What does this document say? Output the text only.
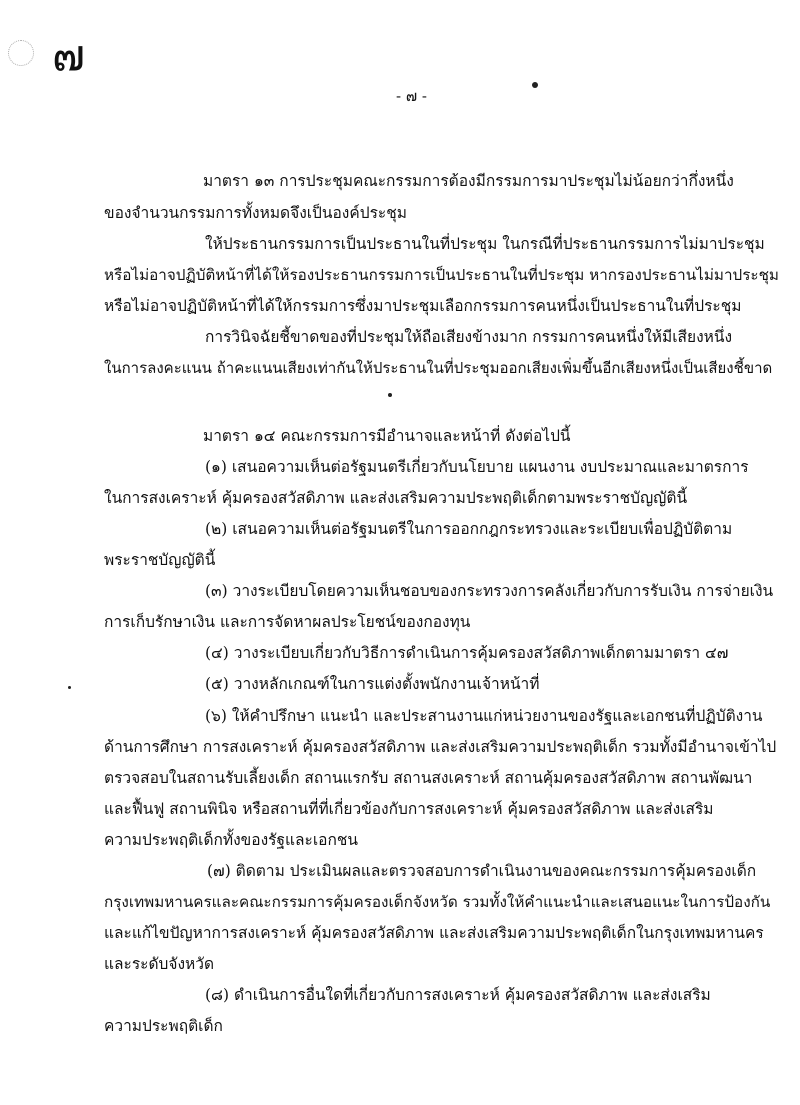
๗
- ๗ -
มาตรา ๑๓ การประชุมคณะกรรมการต้องมีกรรมการมาประชุมไม่น้อยกว่ากึ่งหนึ่ง
ของจำนวนกรรมการทั้งหมดจึงเป็นองค์ประชุม
ให้ประธานกรรมการเป็นประธานในที่ประชุม ในกรณีที่ประธานกรรมการไม่มาประชุม
หรือไม่อาจปฏิบัติหน้าที่ได้ให้รองประธานกรรมการเป็นประธานในที่ประชุม หากรองประธานไม่มาประชุม
หรือไม่อาจปฏิบัติหน้าที่ได้ให้กรรมการซึ่งมาประชุมเลือกกรรมการคนหนึ่งเป็นประธานในที่ประชุม
การวินิจฉัยชี้ขาดของที่ประชุมให้ถือเสียงข้างมาก กรรมการคนหนึ่งให้มีเสียงหนึ่ง
ในการลงคะแนน ถ้าคะแนนเสียงเท่ากันให้ประธานในที่ประชุมออกเสียงเพิ่มขึ้นอีกเสียงหนึ่งเป็นเสียงชี้ขาด
มาตรา ๑๔ คณะกรรมการมีอำนาจและหน้าที่ ดังต่อไปนี้
(๑) เสนอความเห็นต่อรัฐมนตรีเกี่ยวกับนโยบาย แผนงาน งบประมาณและมาตรการ
ในการสงเคราะห์ คุ้มครองสวัสดิภาพ และส่งเสริมความประพฤติเด็กตามพระราชบัญญัตินี้
(๒) เสนอความเห็นต่อรัฐมนตรีในการออกกฎกระทรวงและระเบียบเพื่อปฏิบัติตาม
พระราชบัญญัตินี้
(๓) วางระเบียบโดยความเห็นชอบของกระทรวงการคลังเกี่ยวกับการรับเงิน การจ่ายเงิน
การเก็บรักษาเงิน และการจัดหาผลประโยชน์ของกองทุน
(๔) วางระเบียบเกี่ยวกับวิธีการดำเนินการคุ้มครองสวัสดิภาพเด็กตามมาตรา ๔๗
(๕) วางหลักเกณฑ์ในการแต่งตั้งพนักงานเจ้าหน้าที่
(๖) ให้คำปรึกษา แนะนำ และประสานงานแก่หน่วยงานของรัฐและเอกชนที่ปฏิบัติงาน
ด้านการศึกษา การสงเคราะห์ คุ้มครองสวัสดิภาพ และส่งเสริมความประพฤติเด็ก รวมทั้งมีอำนาจเข้าไป
ตรวจสอบในสถานรับเลี้ยงเด็ก สถานแรกรับ สถานสงเคราะห์ สถานคุ้มครองสวัสดิภาพ สถานพัฒนา
และฟื้นฟู สถานพินิจ หรือสถานที่ที่เกี่ยวข้องกับการสงเคราะห์ คุ้มครองสวัสดิภาพ และส่งเสริม
ความประพฤติเด็กทั้งของรัฐและเอกชน
(๗) ติดตาม ประเมินผลและตรวจสอบการดำเนินงานของคณะกรรมการคุ้มครองเด็ก
กรุงเทพมหานครและคณะกรรมการคุ้มครองเด็กจังหวัด รวมทั้งให้คำแนะนำและเสนอแนะในการป้องกัน
และแก้ไขปัญหาการสงเคราะห์ คุ้มครองสวัสดิภาพ และส่งเสริมความประพฤติเด็กในกรุงเทพมหานคร
และระดับจังหวัด
(๘) ดำเนินการอื่นใดที่เกี่ยวกับการสงเคราะห์ คุ้มครองสวัสดิภาพ และส่งเสริม
ความประพฤติเด็ก
